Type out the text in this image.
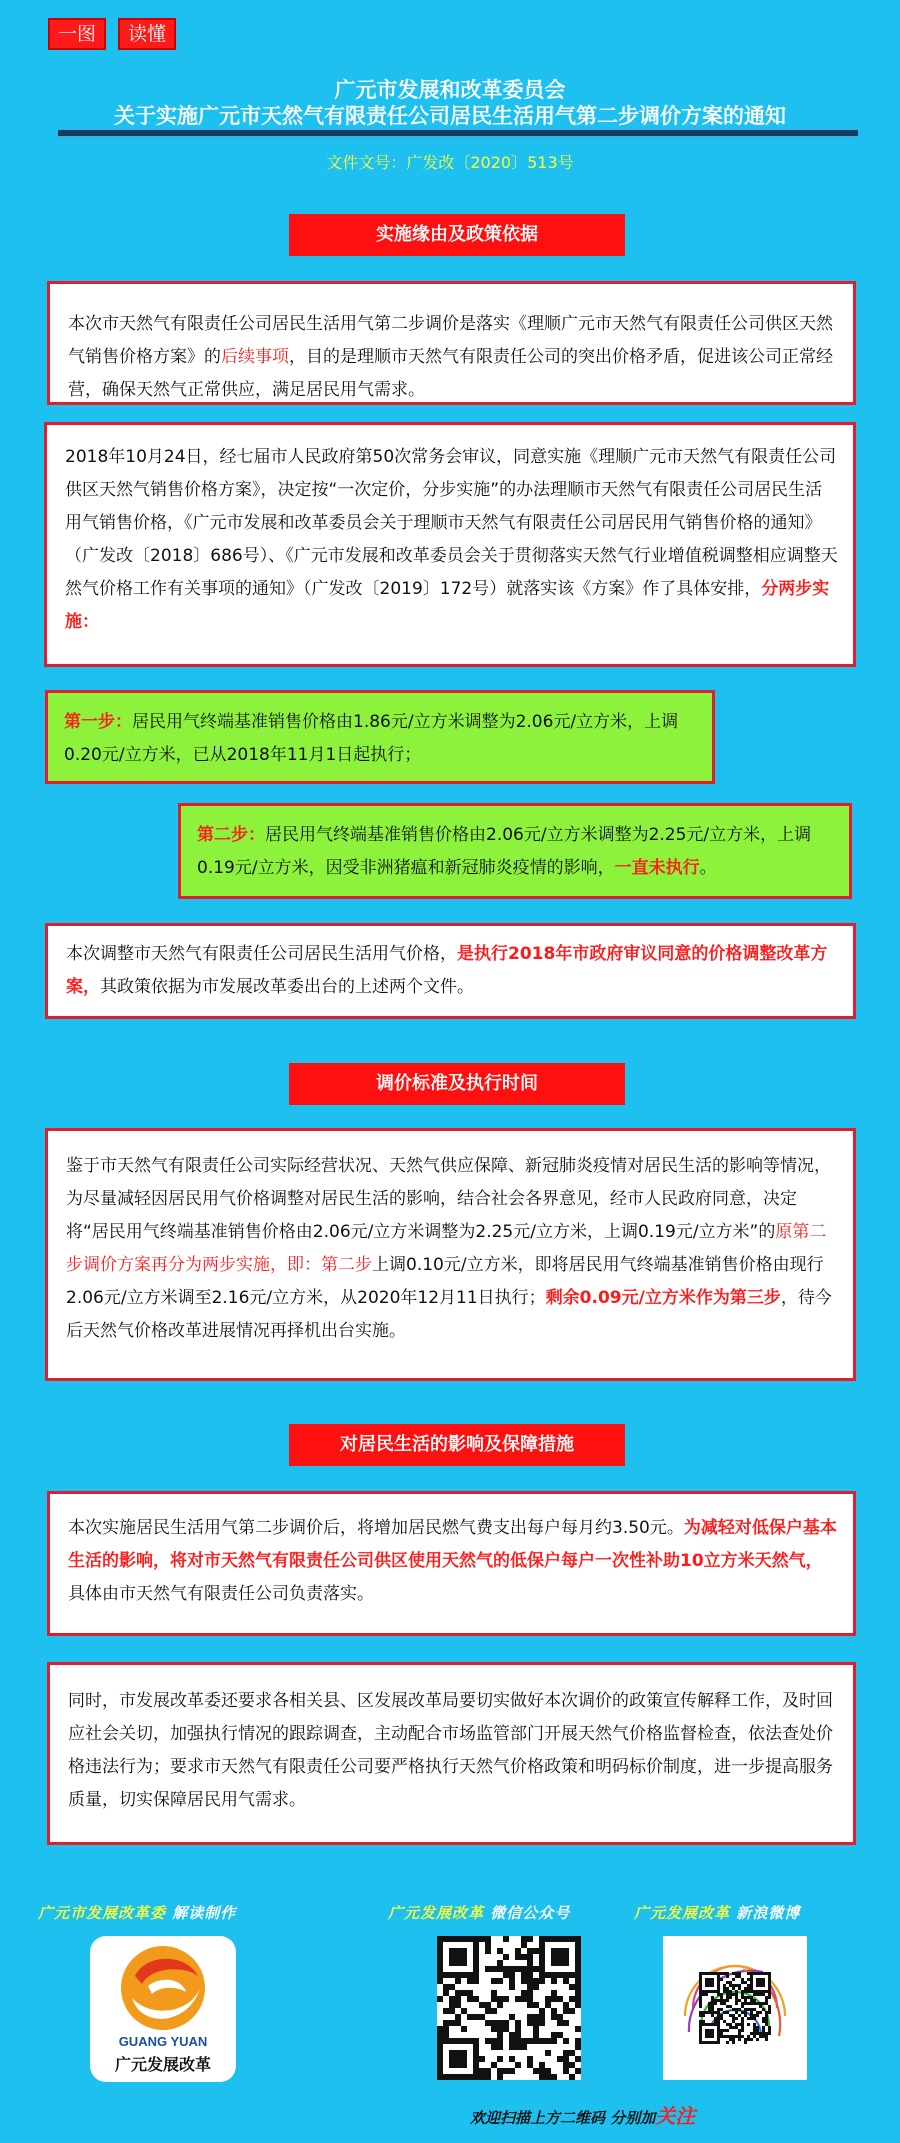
一图	读懂
广元市发展和改革委员会
关于实施广元市天然气有限责任公司居民生活用气第二步调价方案的通知
文件文号：广发改〔2020〕513号
实施缘由及政策依据
本次市天然气有限责任公司居民生活用气第二步调价是落实《理顺广元市天然气有限责任公司供区天然气销售价格方案》的后续事项，目的是理顺市天然气有限责任公司的突出价格矛盾，促进该公司正常经营，确保天然气正常供应，满足居民用气需求。
2018年10月24日，经七届市人民政府第50次常务会审议，同意实施《理顺广元市天然气有限责任公司供区天然气销售价格方案》，决定按“一次定价，分步实施”的办法理顺市天然气有限责任公司居民生活用气销售价格，《广元市发展和改革委员会关于理顺市天然气有限责任公司居民用气销售价格的通知》（广发改〔2018〕686号）、《广元市发展和改革委员会关于贯彻落实天然气行业增值税调整相应调整天然气价格工作有关事项的通知》（广发改〔2019〕172号）就落实该《方案》作了具体安排，分两步实施：
第一步：居民用气终端基准销售价格由1.86元/立方米调整为2.06元/立方米，上调0.20元/立方米，已从2018年11月1日起执行；
第二步：居民用气终端基准销售价格由2.06元/立方米调整为2.25元/立方米，上调0.19元/立方米，因受非洲猪瘟和新冠肺炎疫情的影响，一直未执行。
本次调整市天然气有限责任公司居民生活用气价格，是执行2018年市政府审议同意的价格调整改革方案，其政策依据为市发展改革委出台的上述两个文件。
调价标准及执行时间
鉴于市天然气有限责任公司实际经营状况、天然气供应保障、新冠肺炎疫情对居民生活的影响等情况，为尽量减轻因居民用气价格调整对居民生活的影响，结合社会各界意见，经市人民政府同意，决定将“居民用气终端基准销售价格由2.06元/立方米调整为2.25元/立方米，上调0.19元/立方米”的原第二步调价方案再分为两步实施，即：第二步上调0.10元/立方米，即将居民用气终端基准销售价格由现行2.06元/立方米调至2.16元/立方米，从2020年12月11日执行；剩余0.09元/立方米作为第三步，待今后天然气价格改革进展情况再择机出台实施。
对居民生活的影响及保障措施
本次实施居民生活用气第二步调价后，将增加居民燃气费支出每户每月约3.50元。为减轻对低保户基本生活的影响，将对市天然气有限责任公司供区使用天然气的低保户每户一次性补助10立方米天然气，具体由市天然气有限责任公司负责落实。
同时，市发展改革委还要求各相关县、区发展改革局要切实做好本次调价的政策宣传解释工作，及时回应社会关切，加强执行情况的跟踪调查，主动配合市场监管部门开展天然气价格监督检查，依法查处价格违法行为；要求市天然气有限责任公司要严格执行天然气价格政策和明码标价制度，进一步提高服务质量，切实保障居民用气需求。
广元市发展改革委 解读制作	广元发展改革 微信公众号	广元发展改革 新浪微博
GUANG YUAN
广元发展改革
欢迎扫描上方二维码 分别加关注
